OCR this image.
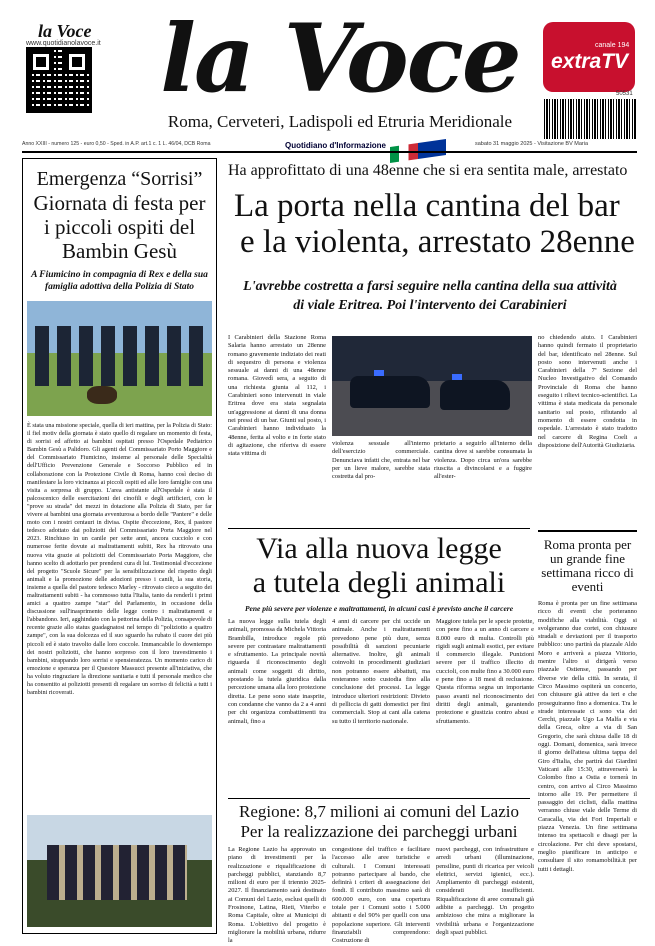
la Voce
www.quotidianolavoce.it la Voce
Roma, Cerveteri, Ladispoli ed Etruria Meridionale
extraTV
canale 194
50531
Anno XXIII - numero 125 - euro 0,50 - Sped. in A.P. art.1 c. 1 L. 46/04, DCB Roma	Quotidiano d'Informazione	sabato 31 maggio 2025 - Visitazione BV Maria
Emergenza “Sorrisi”
Giornata di festa per i piccoli ospiti del Bambin Gesù
A Fiumicino in compagnia di Rex e della sua famiglia adottiva della Polizia di Stato
È stata una missione speciale, quella di ieri mattina, per la Polizia di Stato: il fiel motiv della giornata è stato quello di regalare un momento di festa, di sorrisi ed affetto ai bambini ospitati presso l'Ospedale Pediatrico Bambin Gesù a Palidoro. Gli agenti del Commissariato Porto Maggiore e del Commissariato Fiumicino, insieme al personale delle Specialità dell'Ufficio Prevenzione Generale e Soccorso Pubblico ed in collaborazione con la Protezione Civile di Roma, hanno così deciso di manifestare la loro vicinanza ai piccoli ospiti ed alle loro famiglie con una visita a sorpresa di gruppo. L'area antistante all'Ospedale è stata il palcoscenico delle esercitazioni dei cinofili e degli artificieri, con le "prove su strada" dei mezzi in dotazione alla Polizia di Stato, per far vivere ai bambini una giornata avventurosa a bordo delle "Pantere" e delle moto con i nostri centauri in divisa. Ospite d'eccezione, Rex, il pastore tedesco adottato dai poliziotti del Commissariato Porta Maggiore nel 2023. Rinchiuso in un canile per sette anni, ancora cucciolo e con numerose ferite dovute ai maltrattamenti subiti, Rex ha ritrovato una nuova vita grazie ai poliziotti del Commissariato Porta Maggiore, che hanno scelto di adottarlo per prendersi cura di lui. Testimonial d'eccezione del progetto "Scuole Sicure" per la sensibilizzazione del rispetto degli animali e la promozione delle adozioni presso i canili, la sua storia, insieme a quella del pastore tedesco Marley - ritrovato cieco a seguito dei maltrattamenti subiti - ha commosso tutta l'Italia, tanto da renderli i primi amici a quattro zampe "star" del Parlamento, in occasione della discussione sull'inasprimento delle legge contro i maltrattamenti e l'abbandono. Ieri, agghindato con la pettorina della Polizia, consapevole di recente grazie allo status guadagnatosi nel tempo di "poliziotto a quattro zampe", con la sua dolcezza ed il suo sguardo ha rubato il cuore dei più piccoli ed è stato travolto dalle loro coccole. Immancabile lo downtempo dei nostri poliziotti, che hanno sorpreso con il loro travestimento i bambini, strappando loro sorrisi e spensieratezza. Un momento carico di emozione e speranza per il Questore Massucci presente all'iniziativa, che ha voluto ringraziare la direzione sanitaria e tutti il personale medico che ha consentito ai poliziotti presenti di regalare un sorriso di felicità a tutti i bambini ricoverati.
Ha approfittato di una 48enne che si era sentita male, arrestato
La porta nella cantina del bar
e la violenta, arrestato 28enne
L'avrebbe costretta a farsi seguire nella cantina della sua attività di viale Eritrea. Poi l'intervento dei Carabinieri
I Carabinieri della Stazione Roma Salaria hanno arrestato un 28enne romano gravemente indiziato dei reati di sequestro di persona e violenza sessuale ai danni di una 48enne romana. Giovedì sera, a seguito di una richiesta giunta al 112, i Carabinieri sono intervenuti in viale Eritrea dove era stata segnalata un'aggressione ai danni di una donna nei pressi di un bar. Giunti sul posto, i Carabinieri hanno individuato la 48enne, ferita al volto e in forte stato di agitazione, che riferiva di essere stata vittima di
violenza sessuale all'interno dell'esercizio commerciale. Denunciava infatti che, entrata nel bar per un lieve malore, sarebbe stata costretta dal pro-
prietario a seguirlo all'interno della cantina dove si sarebbe consumata la violenza. Dopo circa un'ora sarebbe riuscita a divincolarsi e a fuggire all'ester-
no chiedendo aiuto. I Carabinieri hanno quindi fermato il proprietario del bar, identificato nel 28enne. Sul posto sono intervenuti anche i Carabinieri della 7ª Sezione del Nucleo Investigativo del Comando Provinciale di Roma che hanno eseguito i rilievi tecnico-scientifici. La vittima è stata medicata da personale sanitario sul posto, rifiutando al momento di essere condotta in ospedale. L'arrestato è stato tradotto nel carcere di Regina Coeli a disposizione dell'Autorità Giudiziaria.
Via alla nuova legge
a tutela degli animali
Pene più severe per violenze e maltrattamenti, in alcuni casi è previsto anche il carcere
La nuova legge sulla tutela degli animali, promossa da Michela Vittoria Brambilla, introduce regole più severe per contrastare maltrattamenti e sfruttamento. La principale novità riguarda il riconoscimento degli animali come soggetti di diritto, spostando la tutela giuridica dalla percezione umana alla loro protezione diretta. Le pene sono state inasprite, con condanne che vanno da 2 a 4 anni per chi organizza combattimenti tra animali, fino a
4 anni di carcere per chi uccide un animale. Anche i maltrattamenti prevedono pene più dure, senza possibilità di sanzioni pecuniarie alternative. Inoltre, gli animali coinvolti in procedimenti giudiziari non potranno essere abbattuti, ma resteranno sotto custodia fino alla conclusione dei processi. La legge introduce ulteriori restrizioni: Divieto di pelliccia di gatti domestici per fini commerciali. Stop ai cani alla catena su tutto il territorio nazionale.
Maggiore tutela per le specie protette, con pene fino a un anno di carcere e 8.000 euro di multa. Controlli più rigidi sugli animali esotici, per evitare il commercio illegale. Punizioni severe per il traffico illecito di cuccioli, con multe fino a 30.000 euro e pene fino a 18 mesi di reclusione. Questa riforma segna un importante passo avanti nel riconoscimento dei diritti degli animali, garantendo protezione e giustizia contro abusi e sfruttamento.
Roma pronta per un grande fine settimana ricco di eventi
Roma è pronta per un fine settimana ricco di eventi che porteranno modifiche alla viabilità. Oggi si svolgeranno due cortei, con chiusure stradali e deviazioni per il trasporto pubblico: uno partirà da piazzale Aldo Moro e arriverà a piazza Vittorio, mentre l'altro si dirigerà verso piazzale Ostiense, passando per diverse vie della città. In serata, il Circo Massimo ospiterà un concerto, con chiusure già attive da ieri e che proseguiranno fino a domenica. Tra le strade interessate ci sono via dei Cerchi, piazzale Ugo La Malfa e via della Greca, oltre a via di San Gregorio, che sarà chiusa dalle 18 di oggi. Domani, domenica, sarà invece il giorno dell'attesa ultima tappa del Giro d'Italia, che partirà dai Giardini Vaticani alle 15:30, attraverserà la Colombo fino a Ostia e tornerà in centro, con arrivo al Circo Massimo intorno alle 19. Per permettere il passaggio dei ciclisti, dalla mattina verranno chiuse viale delle Terme di Caracalla, via dei Fori Imperiali e piazza Venezia. Un fine settimana intenso tra spettacoli e disagi per la circolazione. Per chi deve spostarsi, meglio pianificare in anticipo e consultare il sito romamobilità.it per tutti i dettagli.
Regione: 8,7 milioni ai comuni del Lazio
Per la realizzazione dei parcheggi urbani
La Regione Lazio ha approvato un piano di investimenti per la realizzazione e riqualificazione di parcheggi pubblici, stanziando 8,7 milioni di euro per il triennio 2025-2027. Il finanziamento sarà destinato ai Comuni del Lazio, esclusi quelli di Frosinone, Latina, Rieti, Viterbo e Roma Capitale, oltre ai Municipi di Roma. L'obiettivo del progetto è migliorare la mobilità urbana, ridurre la
congestione del traffico e facilitare l'accesso alle aree turistiche e culturali. I Comuni interessati potranno partecipare al bando, che definirà i criteri di assegnazione dei fondi. Il contributo massimo sarà di 600.000 euro, con una copertura totale per i Comuni sotto i 5.000 abitanti e del 90% per quelli con una popolazione superiore. Gli interventi finanziabili comprendono: Costruzione di
nuovi parcheggi, con infrastrutture e arredi urbani (illuminazione, pensiline, punti di ricarica per veicoli elettrici, servizi igienici, ecc.). Ampliamento di parcheggi esistenti, considerati insufficienti. Riqualificazione di aree comunali già adibite a parcheggi. Un progetto ambizioso che mira a migliorare la vivibilità urbana e l'organizzazione degli spazi pubblici.
